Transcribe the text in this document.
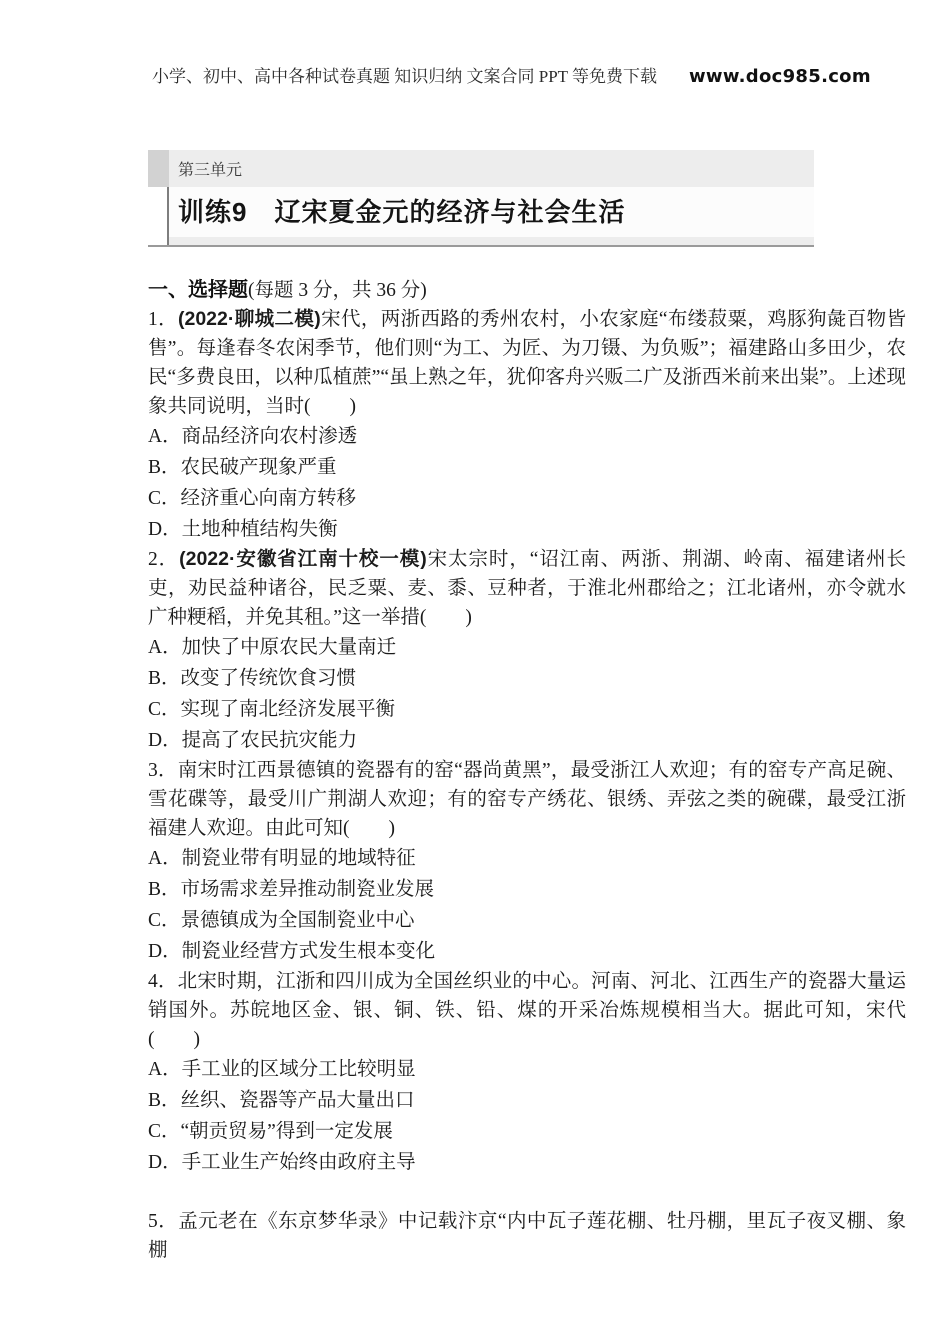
小学、初中、高中各种试卷真题 知识归纳 文案合同 PPT 等免费下载 www.doc985.com
第三单元
训练9　辽宋夏金元的经济与社会生活
一、选择题(每题 3 分，共 36 分)
1．(2022·聊城二模)宋代，两浙西路的秀州农村，小农家庭“布缕菽粟，鸡豚狗彘百物皆售”。每逢春冬农闲季节，他们则“为工、为匠、为刀镊、为负贩”；福建路山多田少，农民“多费良田，以种瓜植蔗”“虽上熟之年，犹仰客舟兴贩二广及浙西米前来出粜”。上述现象共同说明，当时(　　)
A．商品经济向农村渗透
B．农民破产现象严重
C．经济重心向南方转移
D．土地种植结构失衡
2．(2022·安徽省江南十校一模)宋太宗时，“诏江南、两浙、荆湖、岭南、福建诸州长吏，劝民益种诸谷，民乏粟、麦、黍、豆种者，于淮北州郡给之；江北诸州，亦令就水广种粳稻，并免其租。”这一举措(　　)
A．加快了中原农民大量南迁
B．改变了传统饮食习惯
C．实现了南北经济发展平衡
D．提高了农民抗灾能力
3．南宋时江西景德镇的瓷器有的窑“器尚黄黑”，最受浙江人欢迎；有的窑专产高足碗、雪花碟等，最受川广荆湖人欢迎；有的窑专产绣花、银绣、弄弦之类的碗碟，最受江浙福建人欢迎。由此可知(　　)
A．制瓷业带有明显的地域特征
B．市场需求差异推动制瓷业发展
C．景德镇成为全国制瓷业中心
D．制瓷业经营方式发生根本变化
4．北宋时期，江浙和四川成为全国丝织业的中心。河南、河北、江西生产的瓷器大量运销国外。苏皖地区金、银、铜、铁、铅、煤的开采冶炼规模相当大。据此可知，宋代(　　)
A．手工业的区域分工比较明显
B．丝织、瓷器等产品大量出口
C．“朝贡贸易”得到一定发展
D．手工业生产始终由政府主导
5．孟元老在《东京梦华录》中记载汴京“内中瓦子莲花棚、牡丹棚，里瓦子夜叉棚、象棚
